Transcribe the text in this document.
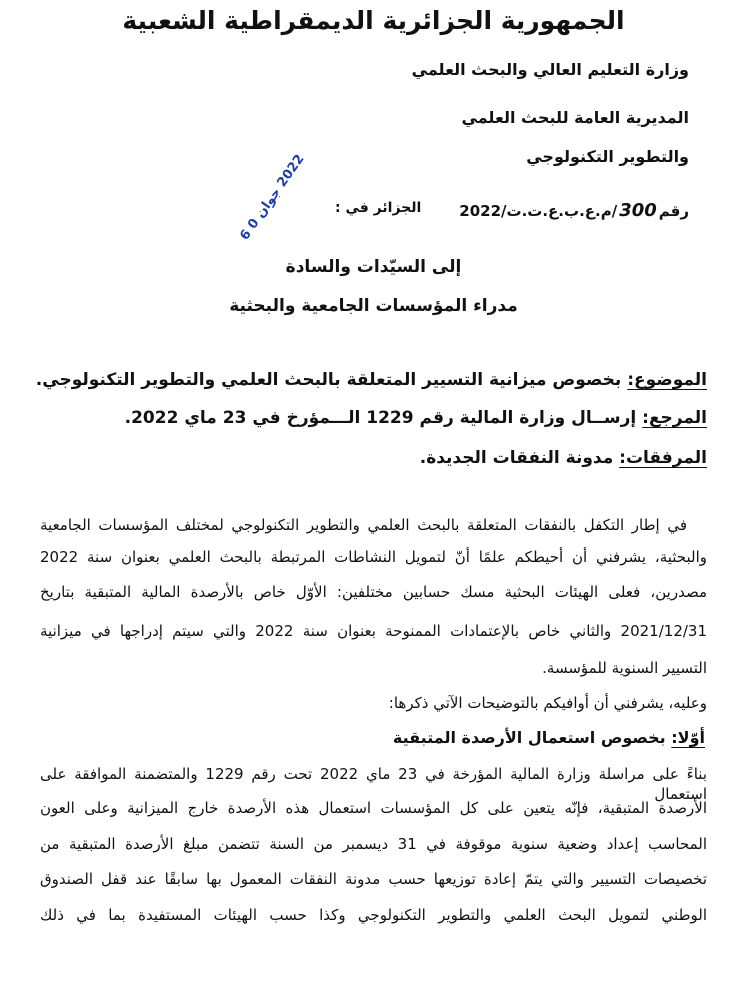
الجمهورية الجزائرية الديمقراطية الشعبية
وزارة التعليم العالي والبحث العلمي
المديرية العامة للبحث العلمي
والتطوير التكنولوجي
رقم300/م.ع.ب.ع.ت.ت/2022
الجزائر في :
2022 جوان 0 6
إلى السيّدات والسادة
مدراء المؤسسات الجامعية والبحثية
الموضوع: بخصوص ميزانية التسيير المتعلقة بالبحث العلمي والتطوير التكنولوجي.
المرجع: إرســال وزارة المالية رقم 1229 الـــمؤرخ في 23 ماي 2022.
المرفقات: مدونة النفقات الجديدة.
في إطار التكفل بالنفقات المتعلقة بالبحث العلمي والتطوير التكنولوجي لمختلف المؤسسات الجامعية
والبحثية، يشرفني أن أحيطكم علمًا أنّ لتمويل النشاطات المرتبطة بالبحث العلمي بعنوان سنة 2022
مصدرين، فعلى الهيئات البحثية مسك حسابين مختلفين: الأوّل خاص بالأرصدة المالية المتبقية بتاريخ
2021/12/31 والثاني خاص بالإعتمادات الممنوحة بعنوان سنة 2022 والتي سيتم إدراجها في ميزانية
التسيير السنوية للمؤسسة.
وعليه، يشرفني أن أوافيكم بالتوضيحات الآتي ذكرها:
أوّلا: بخصوص استعمال الأرصدة المتبقية
بناءً على مراسلة وزارة المالية المؤرخة في 23 ماي 2022 تحت رقم 1229 والمتضمنة الموافقة على استعمال
الأرصدة المتبقية، فإنّه يتعين على كل المؤسسات استعمال هذه الأرصدة خارج الميزانية وعلى العون
المحاسب إعداد وضعية سنوية موقوفة في 31 ديسمبر من السنة تتضمن مبلغ الأرصدة المتبقية من
تخصيصات التسيير والتي يتمّ إعادة توزيعها حسب مدونة النفقات المعمول بها سابقًا عند قفل الصندوق
الوطني لتمويل البحث العلمي والتطوير التكنولوجي وكذا حسب الهيئات المستفيدة بما في ذلك
